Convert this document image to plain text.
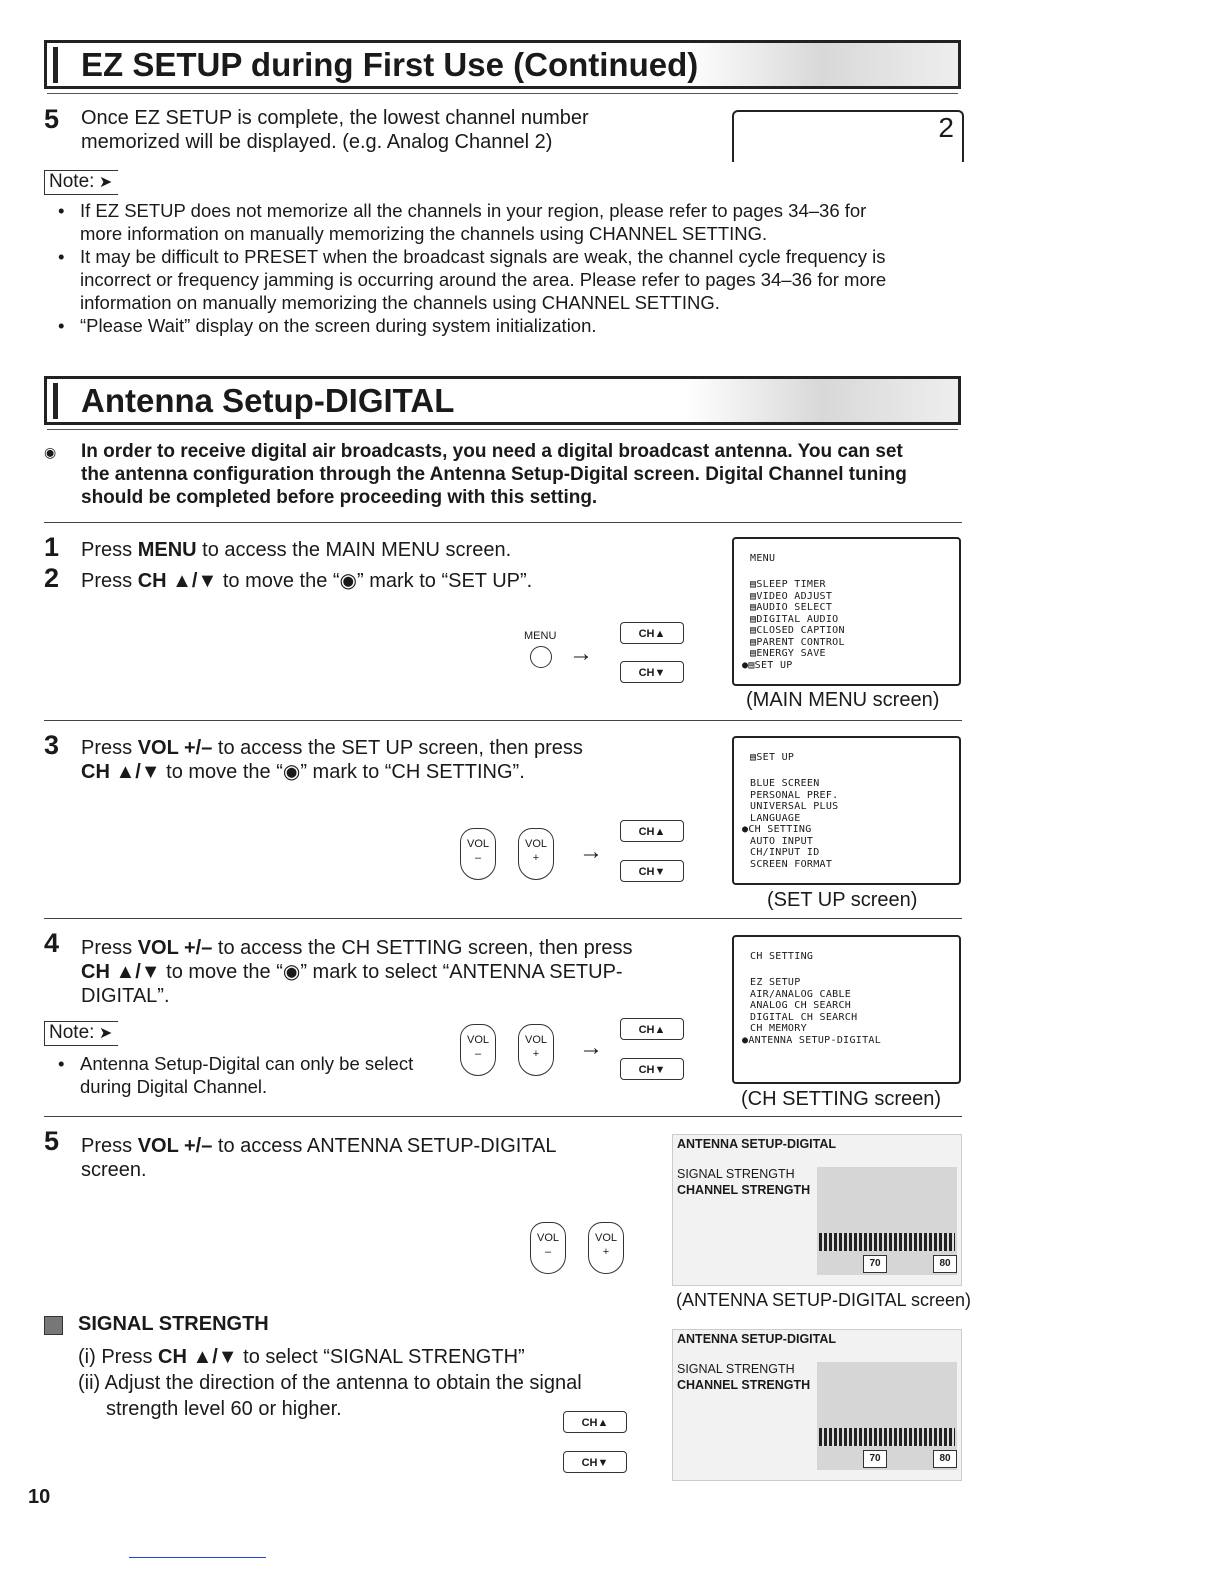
EZ SETUP during First Use (Continued)
5 Once EZ SETUP is complete, the lowest channel number
memorized will be displayed. (e.g. Analog Channel 2)	2
Note: ➤
• If EZ SETUP does not memorize all the channels in your region, please refer to pages 34–36 for
more information on manually memorizing the channels using CHANNEL SETTING.
• It may be difficult to PRESET when the broadcast signals are weak, the channel cycle frequency is
incorrect or frequency jamming is occurring around the area. Please refer to pages 34–36 for more
information on manually memorizing the channels using CHANNEL SETTING.
• “Please Wait” display on the screen during system initialization.
Antenna Setup-DIGITAL
◉ In order to receive digital air broadcasts, you need a digital broadcast antenna. You can set
the antenna configuration through the Antenna Setup-Digital screen. Digital Channel tuning
should be completed before proceeding with this setting.
1 Press MENU to access the MAIN MENU screen.
2 Press CH ▲/▼ to move the “◉” mark to “SET UP”.
MENU
→
CH▲
CH▼
MENU
▤SLEEP TIMER
▤VIDEO ADJUST
▤AUDIO SELECT
▤DIGITAL AUDIO
▤CLOSED CAPTION
▤PARENT CONTROL
▤ENERGY SAVE
●▤SET UP
(MAIN MENU screen)
3 Press VOL +/– to access the SET UP screen, then press
CH ▲/▼ to move the “◉” mark to “CH SETTING”.
VOL
–
VOL
+	→
CH▲
CH▼
▤SET UP
BLUE SCREEN
PERSONAL PREF.
UNIVERSAL PLUS
LANGUAGE
●CH SETTING
AUTO INPUT
CH/INPUT ID
SCREEN FORMAT
(SET UP screen)
4 Press VOL +/– to access the CH SETTING screen, then press
CH ▲/▼ to move the “◉” mark to select “ANTENNA SETUP-
DIGITAL”.
Note: ➤
• Antenna Setup-Digital can only be select
during Digital Channel.
VOL
–
VOL
+	→
CH▲
CH▼
CH SETTING
EZ SETUP
AIR/ANALOG CABLE
ANALOG CH SEARCH
DIGITAL CH SEARCH
CH MEMORY
●ANTENNA SETUP-DIGITAL
(CH SETTING screen)
5 Press VOL +/– to access ANTENNA SETUP-DIGITAL
screen.
VOL
–
VOL
+
ANTENNA SETUP-DIGITAL
SIGNAL STRENGTH
CHANNEL STRENGTH
70	80
(ANTENNA SETUP-DIGITAL screen)
SIGNAL STRENGTH
(i) Press CH ▲/▼ to select “SIGNAL STRENGTH”
(ii) Adjust the direction of the antenna to obtain the signal
strength level 60 or higher.
CH▲
CH▼
ANTENNA SETUP-DIGITAL
SIGNAL STRENGTH
CHANNEL STRENGTH
70	80
10
